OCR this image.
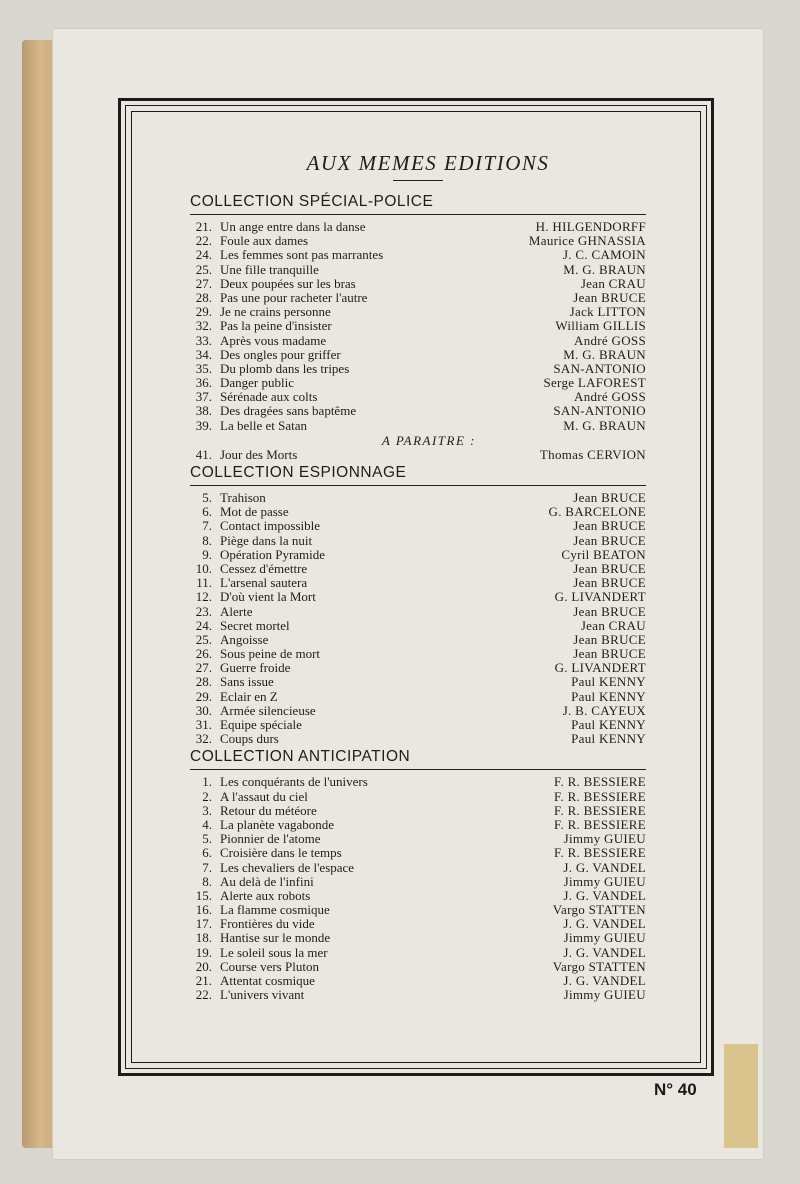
AUX MEMES EDITIONS
COLLECTION SPÉCIAL-POLICE
21. Un ange entre dans la danse	H. HILGENDORFF
22. Foule aux dames	Maurice GHNASSIA
24. Les femmes sont pas marrantes	J. C. CAMOIN
25. Une fille tranquille	M. G. BRAUN
27. Deux poupées sur les bras	Jean CRAU
28. Pas une pour racheter l'autre	Jean BRUCE
29. Je ne crains personne	Jack LITTON
32. Pas la peine d'insister	William GILLIS
33. Après vous madame	André GOSS
34. Des ongles pour griffer	M. G. BRAUN
35. Du plomb dans les tripes	SAN-ANTONIO
36. Danger public	Serge LAFOREST
37. Sérénade aux colts	André GOSS
38. Des dragées sans baptême	SAN-ANTONIO
39. La belle et Satan	M. G. BRAUN
A PARAITRE :
41. Jour des Morts	Thomas CERVION
COLLECTION ESPIONNAGE
5. Trahison	Jean BRUCE
6. Mot de passe	G. BARCELONE
7. Contact impossible	Jean BRUCE
8. Piège dans la nuit	Jean BRUCE
9. Opération Pyramide	Cyril BEATON
10. Cessez d'émettre	Jean BRUCE
11. L'arsenal sautera	Jean BRUCE
12. D'où vient la Mort	G. LIVANDERT
23. Alerte	Jean BRUCE
24. Secret mortel	Jean CRAU
25. Angoisse	Jean BRUCE
26. Sous peine de mort	Jean BRUCE
27. Guerre froide	G. LIVANDERT
28. Sans issue	Paul KENNY
29. Eclair en Z	Paul KENNY
30. Armée silencieuse	J. B. CAYEUX
31. Equipe spéciale	Paul KENNY
32. Coups durs	Paul KENNY
COLLECTION ANTICIPATION
1. Les conquérants de l'univers	F. R. BESSIERE
2. A l'assaut du ciel	F. R. BESSIERE
3. Retour du météore	F. R. BESSIERE
4. La planète vagabonde	F. R. BESSIERE
5. Pionnier de l'atome	Jimmy GUIEU
6. Croisière dans le temps	F. R. BESSIERE
7. Les chevaliers de l'espace	J. G. VANDEL
8. Au delà de l'infini	Jimmy GUIEU
15. Alerte aux robots	J. G. VANDEL
16. La flamme cosmique	Vargo STATTEN
17. Frontières du vide	J. G. VANDEL
18. Hantise sur le monde	Jimmy GUIEU
19. Le soleil sous la mer	J. G. VANDEL
20. Course vers Pluton	Vargo STATTEN
21. Attentat cosmique	J. G. VANDEL
22. L'univers vivant	Jimmy GUIEU
N° 40
